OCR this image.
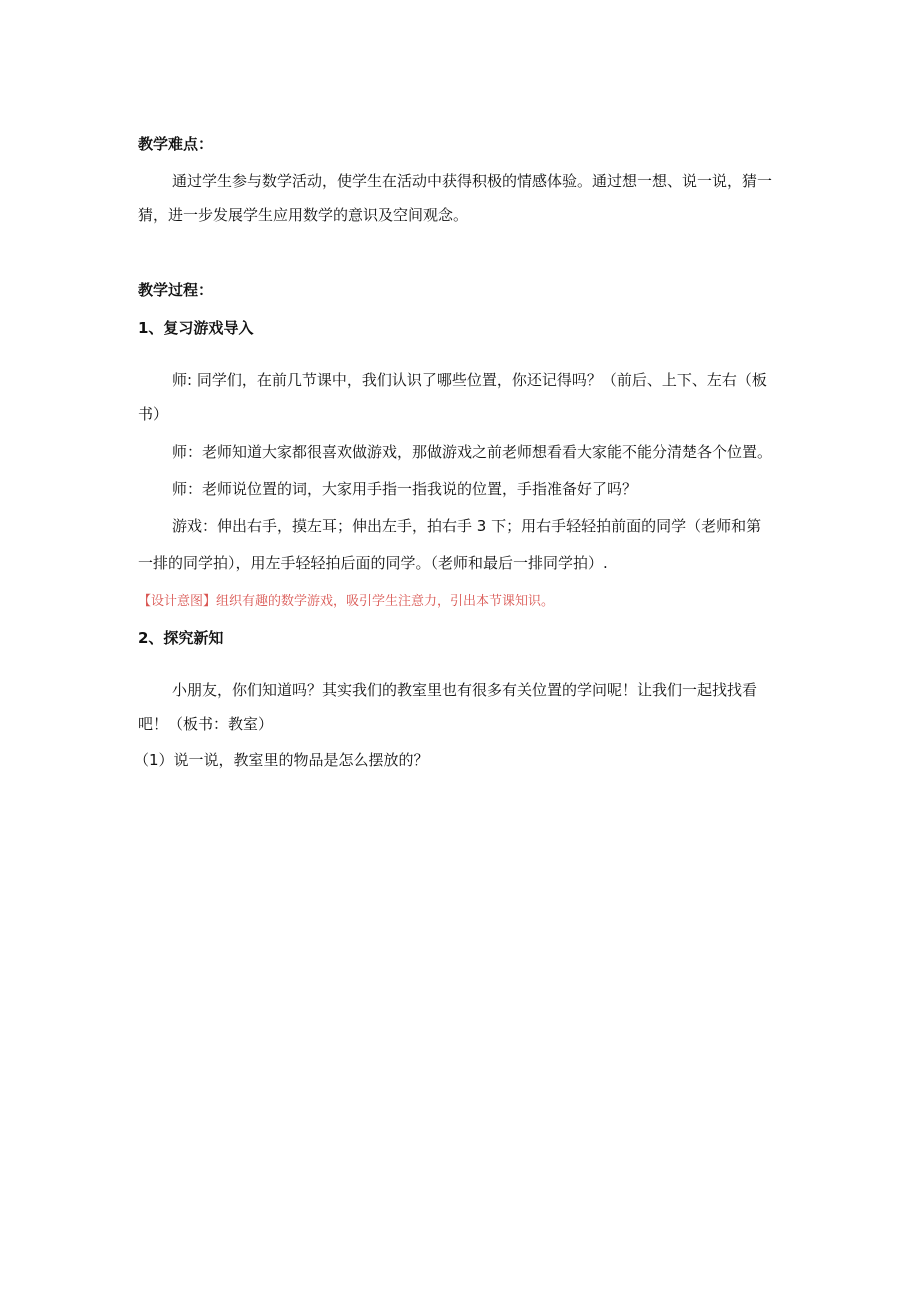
教学难点：
通过学生参与数学活动，使学生在活动中获得积极的情感体验。通过想一想、说一说，猜一
猜，进一步发展学生应用数学的意识及空间观念。
教学过程：
1、复习游戏导入
师: 同学们，在前几节课中，我们认识了哪些位置，你还记得吗？（前后、上下、左右（板
书）
师：老师知道大家都很喜欢做游戏，那做游戏之前老师想看看大家能不能分清楚各个位置。
师：老师说位置的词，大家用手指一指我说的位置，手指准备好了吗？
游戏：伸出右手，摸左耳；伸出左手，拍右手 3 下；用右手轻轻拍前面的同学（老师和第
一排的同学拍），用左手轻轻拍后面的同学。（老师和最后一排同学拍）.
【设计意图】组织有趣的数学游戏，吸引学生注意力，引出本节课知识。
2、探究新知
小朋友，你们知道吗？其实我们的教室里也有很多有关位置的学问呢！让我们一起找找看
吧！（板书：教室）
（1）说一说，教室里的物品是怎么摆放的？
